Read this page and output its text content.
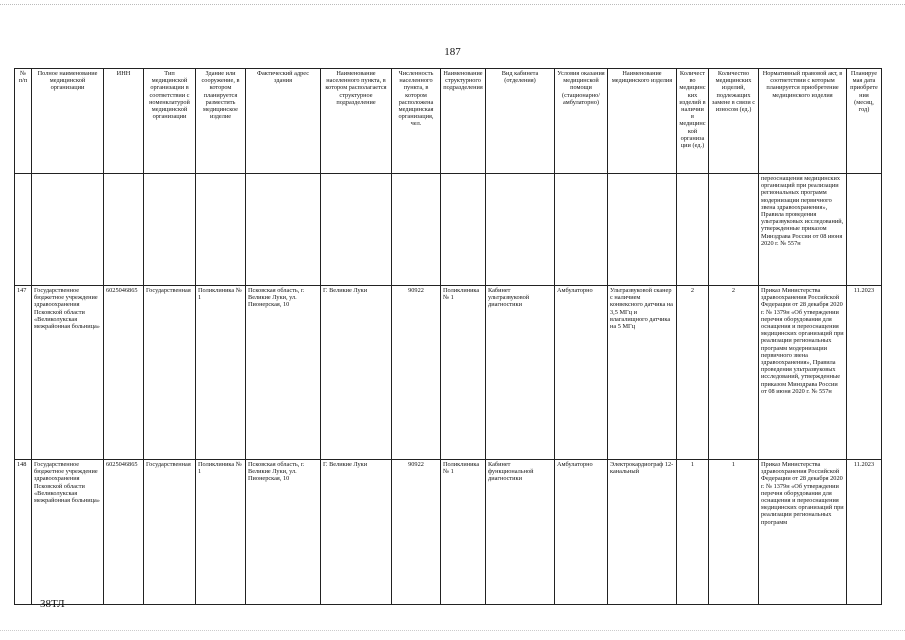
187
№ п/п	Полное наименование медицинской организации	ИНН	Тип медицинской организации в соответствии с номенклатурой медицинской организации	Здание или сооружение, в котором планируется разместить медицинское изделие	Фактический адрес здания	Наименование населенного пункта, в котором располагается структурное подразделение	Численность населенного пункта, в котором расположена медицинская организация, чел.	Наименование структурного подразделения	Вид кабинета (отделения)	Условия оказания медицинской помощи (стационарно/ амбулаторно)	Наименование медицинского изделия	Количество медицинских изделий в наличии в медицинской организации (ед.)	Количество медицинских изделий, подлежащих замене в связи с износом (ед.)	Нормативный правовой акт, в соответствии с которым планируется приобретение медицинского изделия	Планируемая дата приобретения (месяц, год)
														переоснащения медицинских организаций при реализации региональных программ модернизации первичного звена здравоохранения», Правила проведения ультразвуковых исследований, утвержденные приказом Минздрава России от 08 июня 2020 г. № 557н	
147	Государственное бюджетное учреждение здравоохранения Псковской области «Великолукская межрайонная больница»	6025046865	Государственная	Поликлиника № 1	Псковская область, г. Великие Луки, ул. Пионерская, 10	Г. Великие Луки	90922	Поликлиника № 1	Кабинет ультразвуковой диагностики	Амбулаторно	Ультразвуковой сканер с наличием конвексного датчика на 3,5 МГц и влагалищного датчика на 5 МГц	2	2	Приказ Министерства здравоохранения Российской Федерации от 28 декабря 2020 г. № 1379н «Об утверждении перечня оборудования для оснащения и переоснащения медицинских организаций при реализации региональных программ модернизации первичного звена здравоохранения», Правила проведения ультразвуковых исследований, утвержденные приказом Минздрава России от 08 июня 2020 г. № 557н	11.2023
148	Государственное бюджетное учреждение здравоохранения Псковской области «Великолукская межрайонная больница»	6025046865	Государственная	Поликлиника № 1	Псковская область, г. Великие Луки, ул. Пионерская, 10	Г. Великие Луки	90922	Поликлиника № 1	Кабинет функциональной диагностики	Амбулаторно	Электрокардиограф 12-канальный	1	1	Приказ Министерства здравоохранения Российской Федерации от 28 декабря 2020 г. № 1379н «Об утверждении перечня оборудования для оснащения и переоснащения медицинских организаций при реализации региональных программ	11.2023
38ТЛ
